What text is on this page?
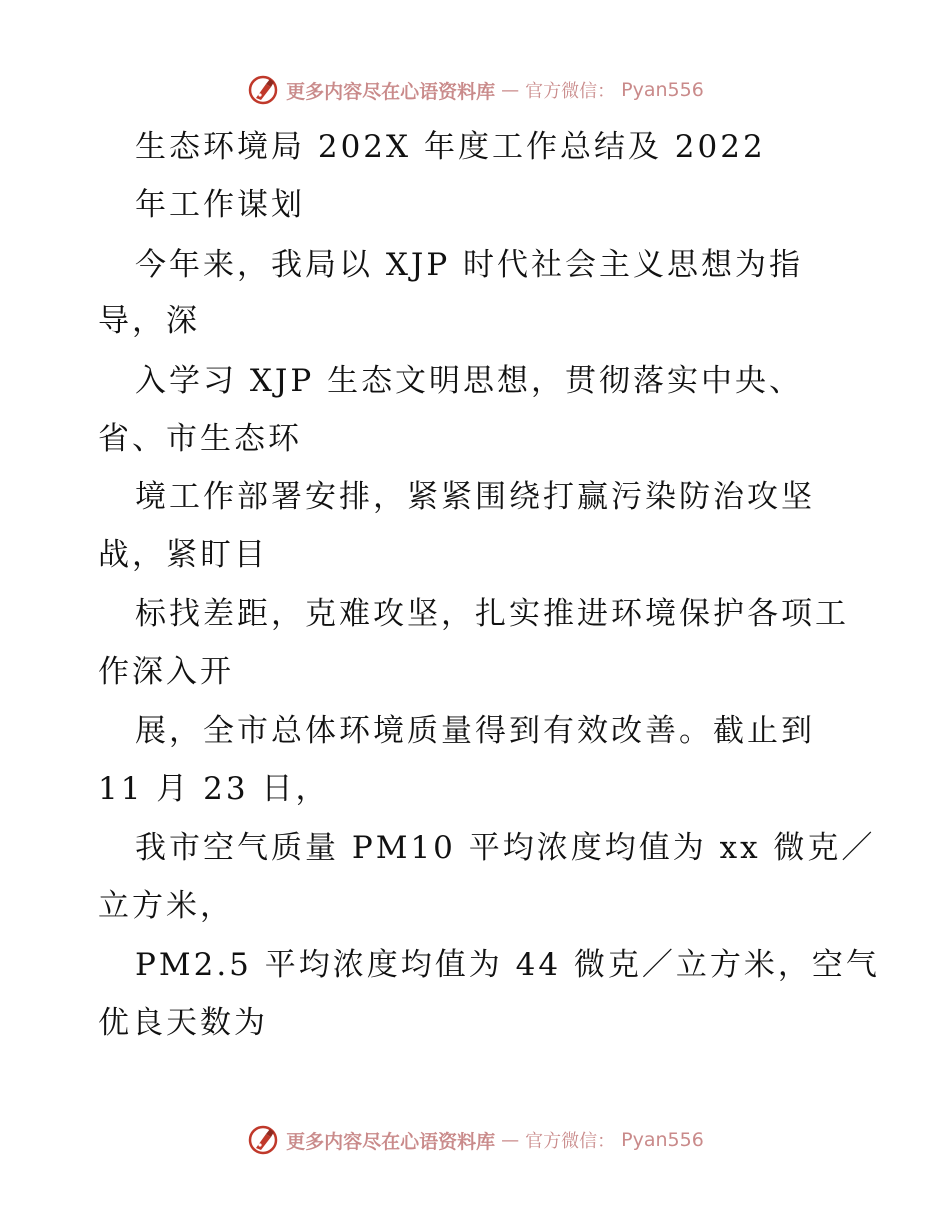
更多内容尽在心语资料库 — 官方微信： Pyan556
生态环境局 202X 年度工作总结及 2022
年工作谋划
今年来，我局以 XJP 时代社会主义思想为指
导，深
入学习 XJP 生态文明思想，贯彻落实中央、
省、市生态环
境工作部署安排，紧紧围绕打赢污染防治攻坚
战，紧盯目
标找差距，克难攻坚，扎实推进环境保护各项工
作深入开
展，全市总体环境质量得到有效改善。截止到
11 月 23 日，
我市空气质量 PM10 平均浓度均值为 xx 微克／
立方米，
PM2.5 平均浓度均值为 44 微克／立方米，空气
优良天数为
更多内容尽在心语资料库 — 官方微信： Pyan556
